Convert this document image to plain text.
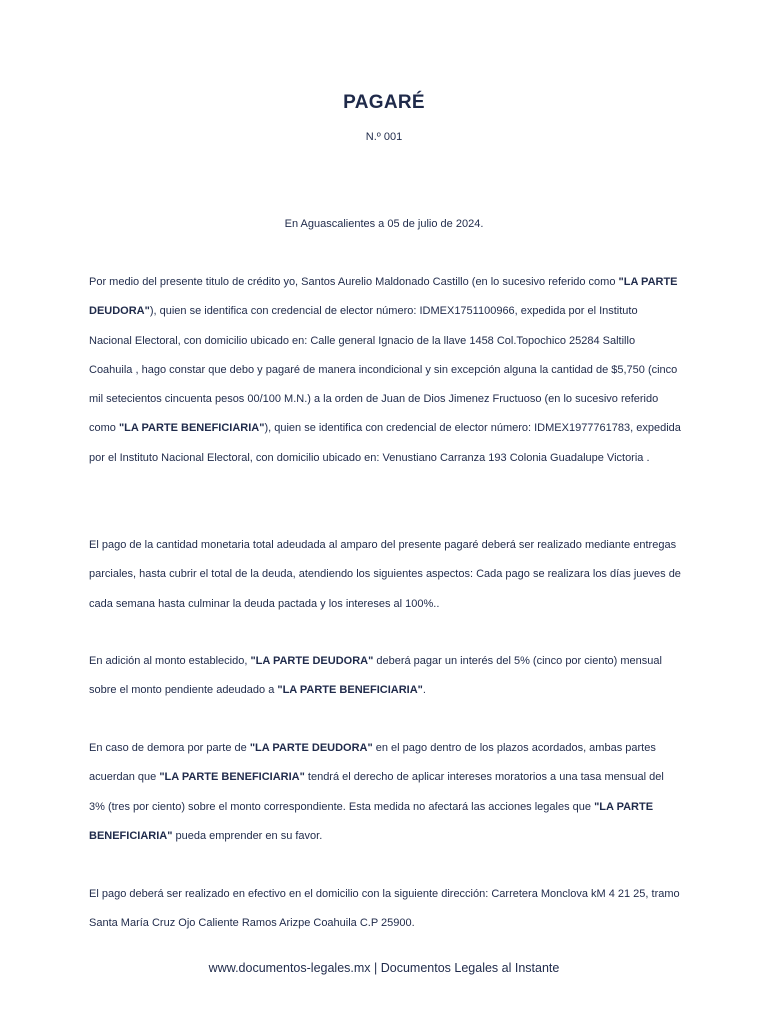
PAGARÉ
N.º 001
En Aguascalientes a 05 de julio de 2024.

Por medio del presente titulo de crédito yo, Santos Aurelio Maldonado Castillo (en lo sucesivo referido como "LA PARTE DEUDORA"), quien se identifica con credencial de elector número: IDMEX1751100966, expedida por el Instituto Nacional Electoral, con domicilio ubicado en: Calle general Ignacio de la llave 1458 Col.Topochico 25284 Saltillo Coahuila , hago constar que debo y pagaré de manera incondicional y sin excepción alguna la cantidad de $5,750 (cinco mil setecientos cincuenta pesos 00/100 M.N.) a la orden de Juan de Dios Jimenez Fructuoso (en lo sucesivo referido como "LA PARTE BENEFICIARIA"), quien se identifica con credencial de elector número: IDMEX1977761783, expedida por el Instituto Nacional Electoral, con domicilio ubicado en: Venustiano Carranza 193 Colonia Guadalupe Victoria .

El pago de la cantidad monetaria total adeudada al amparo del presente pagaré deberá ser realizado mediante entregas parciales, hasta cubrir el total de la deuda, atendiendo los siguientes aspectos: Cada pago se realizara los días jueves de cada semana hasta culminar la deuda pactada y los intereses al 100%..

En adición al monto establecido, "LA PARTE DEUDORA" deberá pagar un interés del 5% (cinco por ciento) mensual sobre el monto pendiente adeudado a "LA PARTE BENEFICIARIA".

En caso de demora por parte de "LA PARTE DEUDORA" en el pago dentro de los plazos acordados, ambas partes acuerdan que "LA PARTE BENEFICIARIA" tendrá el derecho de aplicar intereses moratorios a una tasa mensual del 3% (tres por ciento) sobre el monto correspondiente. Esta medida no afectará las acciones legales que "LA PARTE BENEFICIARIA" pueda emprender en su favor.

El pago deberá ser realizado en efectivo en el domicilio con la siguiente dirección: Carretera Monclova kM 4 21 25, tramo Santa María Cruz Ojo Caliente Ramos Arizpe Coahuila C.P 25900.

www.documentos-legales.mx | Documentos Legales al Instante
